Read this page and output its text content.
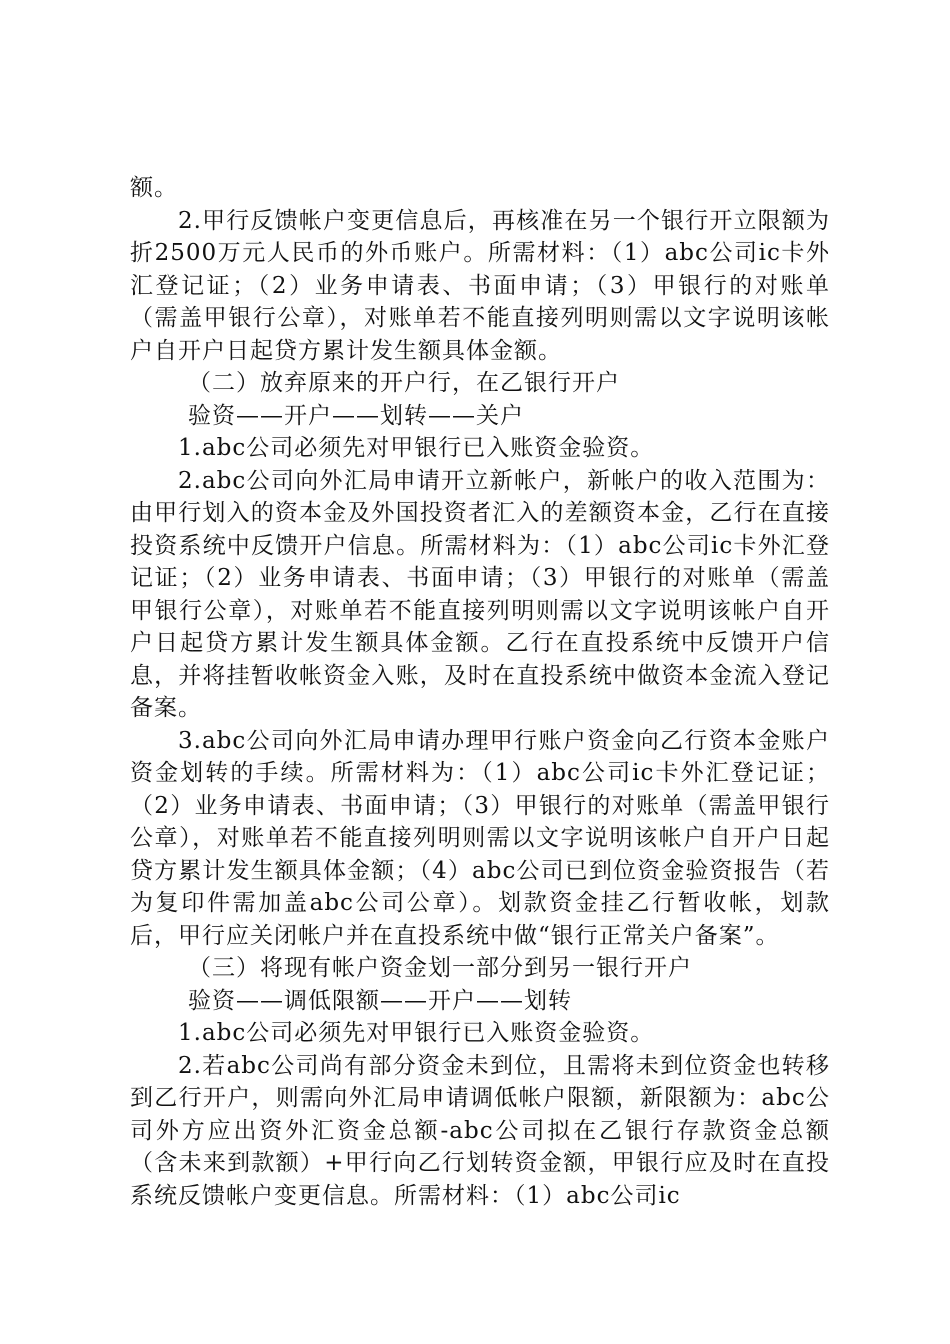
额。

2.甲行反馈帐户变更信息后，再核准在另一个银行开立限额为折2500万元人民币的外币账户。所需材料：（1）abc公司ic卡外汇登记证；（2）业务申请表、书面申请；（3）甲银行的对账单（需盖甲银行公章），对账单若不能直接列明则需以文字说明该帐户自开户日起贷方累计发生额具体金额。

（二）放弃原来的开户行，在乙银行开户

验资——开户——划转——关户

1.abc公司必须先对甲银行已入账资金验资。

2.abc公司向外汇局申请开立新帐户，新帐户的收入范围为：由甲行划入的资本金及外国投资者汇入的差额资本金，乙行在直接投资系统中反馈开户信息。所需材料为：（1）abc公司ic卡外汇登记证；（2）业务申请表、书面申请；（3）甲银行的对账单（需盖甲银行公章），对账单若不能直接列明则需以文字说明该帐户自开户日起贷方累计发生额具体金额。乙行在直投系统中反馈开户信息，并将挂暂收帐资金入账，及时在直投系统中做资本金流入登记备案。

3.abc公司向外汇局申请办理甲行账户资金向乙行资本金账户资金划转的手续。所需材料为：（1）abc公司ic卡外汇登记证；（2）业务申请表、书面申请；（3）甲银行的对账单（需盖甲银行公章），对账单若不能直接列明则需以文字说明该帐户自开户日起贷方累计发生额具体金额；（4）abc公司已到位资金验资报告（若为复印件需加盖abc公司公章）。划款资金挂乙行暂收帐，划款后，甲行应关闭帐户并在直投系统中做“银行正常关户备案”。

（三）将现有帐户资金划一部分到另一银行开户

验资——调低限额——开户——划转

1.abc公司必须先对甲银行已入账资金验资。

2.若abc公司尚有部分资金未到位，且需将未到位资金也转移到乙行开户，则需向外汇局申请调低帐户限额，新限额为：abc公司外方应出资外汇资金总额-abc公司拟在乙银行存款资金总额（含未来到款额）+甲行向乙行划转资金额，甲银行应及时在直投系统反馈帐户变更信息。所需材料：（1）abc公司ic
